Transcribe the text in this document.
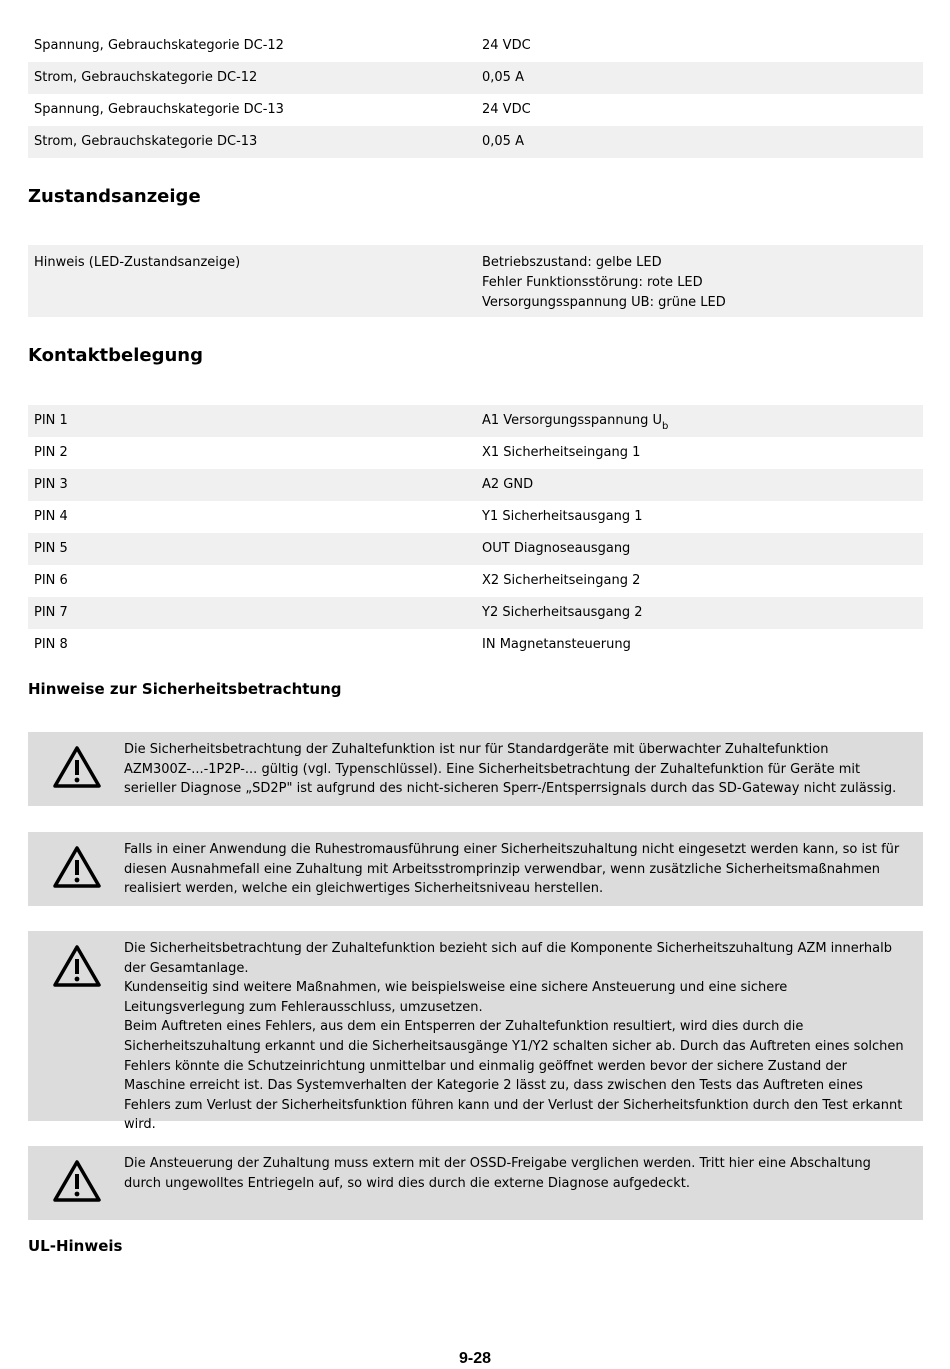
Spannung, Gebrauchskategorie DC-12	24 VDC
Strom, Gebrauchskategorie DC-12	0,05 A
Spannung, Gebrauchskategorie DC-13	24 VDC
Strom, Gebrauchskategorie DC-13	0,05 A
Zustandsanzeige
Hinweis (LED-Zustandsanzeige)	Betriebszustand: gelbe LED
Fehler Funktionsstörung: rote LED
Versorgungsspannung UB: grüne LED
Kontaktbelegung
PIN 1	A1 Versorgungsspannung $U_b$
PIN 2	X1 Sicherheitseingang 1
PIN 3	A2 GND
PIN 4	Y1 Sicherheitsausgang 1
PIN 5	OUT Diagnoseausgang
PIN 6	X2 Sicherheitseingang 2
PIN 7	Y2 Sicherheitsausgang 2
PIN 8	IN Magnetansteuerung
Hinweise zur Sicherheitsbetrachtung
Die Sicherheitsbetrachtung der Zuhaltefunktion ist nur für Standardgeräte mit überwachter Zuhaltefunktion AZM300Z-...-1P2P-... gültig (vgl. Typenschlüssel). Eine Sicherheitsbetrachtung der Zuhaltefunktion für Geräte mit serieller Diagnose „SD2P" ist aufgrund des nicht-sicheren Sperr-/Entsperrsignals durch das SD-Gateway nicht zulässig.
Falls in einer Anwendung die Ruhestromausführung einer Sicherheitszuhaltung nicht eingesetzt werden kann, so ist für diesen Ausnahmefall eine Zuhaltung mit Arbeitsstromprinzip verwendbar, wenn zusätzliche Sicherheitsmaßnahmen realisiert werden, welche ein gleichwertiges Sicherheitsniveau herstellen.
Die Sicherheitsbetrachtung der Zuhaltefunktion bezieht sich auf die Komponente Sicherheitszuhaltung AZM innerhalb der Gesamtanlage.
Kundenseitig sind weitere Maßnahmen, wie beispielsweise eine sichere Ansteuerung und eine sichere Leitungsverlegung zum Fehlerausschluss, umzusetzen.
Beim Auftreten eines Fehlers, aus dem ein Entsperren der Zuhaltefunktion resultiert, wird dies durch die Sicherheitszuhaltung erkannt und die Sicherheitsausgänge Y1/Y2 schalten sicher ab. Durch das Auftreten eines solchen Fehlers könnte die Schutzeinrichtung unmittelbar und einmalig geöffnet werden bevor der sichere Zustand der Maschine erreicht ist. Das Systemverhalten der Kategorie 2 lässt zu, dass zwischen den Tests das Auftreten eines Fehlers zum Verlust der Sicherheitsfunktion führen kann und der Verlust der Sicherheitsfunktion durch den Test erkannt wird.
Die Ansteuerung der Zuhaltung muss extern mit der OSSD-Freigabe verglichen werden. Tritt hier eine Abschaltung durch ungewolltes Entriegeln auf, so wird dies durch die externe Diagnose aufgedeckt.
UL-Hinweis
9-28
